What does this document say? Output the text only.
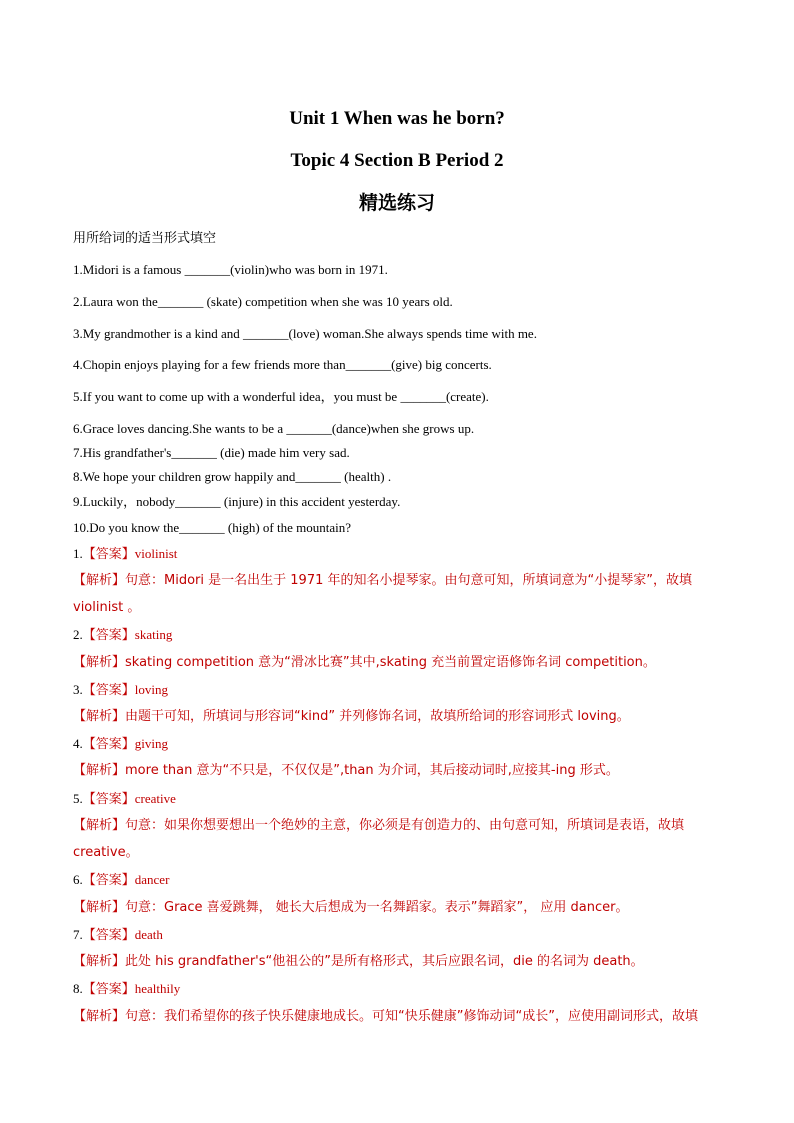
Unit 1 When was he born?
Topic 4 Section B Period 2
精选练习
用所给词的适当形式填空
1.Midori is a famous _______(violin)who was born in 1971.
2.Laura won the_______ (skate) competition when she was 10 years old.
3.My grandmother is a kind and _______(love) woman.She always spends time with me.
4.Chopin enjoys playing for a few friends more than_______(give) big concerts.
5.If you want to come up with a wonderful idea，you must be _______(create).
6.Grace loves dancing.She wants to be a _______(dance)when she grows up.
7.His grandfather's_______ (die) made him very sad.
8.We hope your children grow happily and_______ (health) .
9.Luckily，nobody_______ (injure) in this accident yesterday.
10.Do you know the_______ (high) of the mountain?
1.【答案】violinist
【解析】句意：Midori 是一名出生于 1971 年的知名小提琴家。由句意可知，所填词意为“小提琴家”，故填 violinist 。
2.【答案】skating
【解析】skating competition 意为“滑冰比赛”其中,skating 充当前置定语修饰名词 competition。
3.【答案】loving
【解析】由题干可知，所填词与形容词“kind” 并列修饰名词，故填所给词的形容词形式 loving。
4.【答案】giving
【解析】more than 意为“不只是，不仅仅是”,than 为介词，其后接动词时,应接其-ing 形式。
5.【答案】creative
【解析】句意：如果你想要想出一个绝妙的主意，你必须是有创造力的、由句意可知，所填词是表语，故填 creative。
6.【答案】dancer
【解析】句意：Grace 喜爱跳舞， 她长大后想成为一名舞蹈家。表示”舞蹈家”， 应用 dancer。
7.【答案】death
【解析】此处 his grandfather's“他祖公的”是所有格形式，其后应跟名词，die 的名词为 death。
8.【答案】healthily
【解析】句意：我们希望你的孩子快乐健康地成长。可知“快乐健康”修饰动词“成长”，应使用副词形式，故填
